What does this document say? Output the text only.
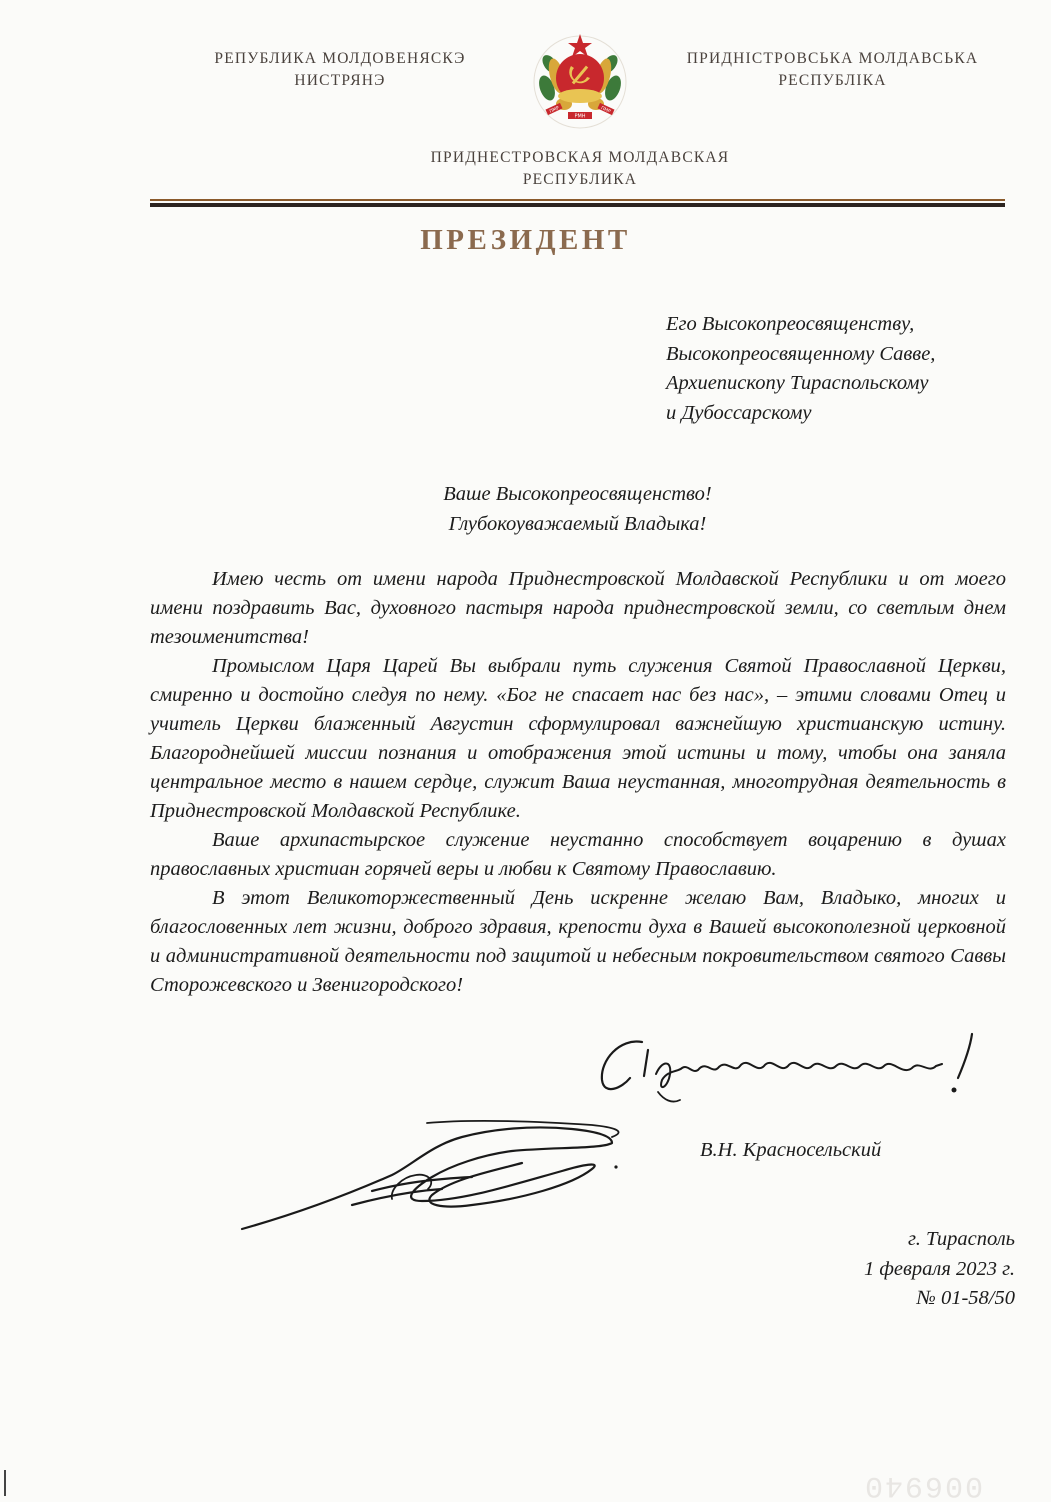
РЕПУБЛИКА МОЛДОВЕНЯСКЭ
НИСТРЯНЭ
ПМР	ПМР
РМН
ПРИДНІСТРОВСЬКА МОЛДАВСЬКА
РЕСПУБЛІКА
ПРИДНЕСТРОВСКАЯ МОЛДАВСКАЯ
РЕСПУБЛИКА
ПРЕЗИДЕНТ
Его Высокопреосвященству,
Высокопреосвященному Савве,
Архиепископу Тираспольскому
и Дубоссарскому
Ваше Высокопреосвященство!
Глубокоуважаемый Владыка!

Имею честь от имени народа Приднестровской Молдавской Республики и от моего имени поздравить Вас, духовного пастыря народа приднестровской земли, со светлым днем тезоименитства!

Промыслом Царя Царей Вы выбрали путь служения Святой Православной Церкви, смиренно и достойно следуя по нему. «Бог не спасает нас без нас», – этими словами Отец и учитель Церкви блаженный Августин сформулировал важнейшую христианскую истину. Благороднейшей миссии познания и отображения этой истины и тому, чтобы она заняла центральное место в нашем сердце, служит Ваша неустанная, многотрудная деятельность в Приднестровской Молдавской Республике.

Ваше архипастырское служение неустанно способствует воцарению в душах православных христиан горячей веры и любви к Святому Православию.

В этот Великоторжественный День искренне желаю Вам, Владыко, многих и благословенных лет жизни, доброго здравия, крепости духа в Вашей высокополезной церковной и административной деятельности под защитой и небесным покровительством святого Саввы Сторожевского и Звенигородского!

В.Н. Красносельский
г. Тирасполь
1 февраля 2023 г.
№ 01-58/50
006940
